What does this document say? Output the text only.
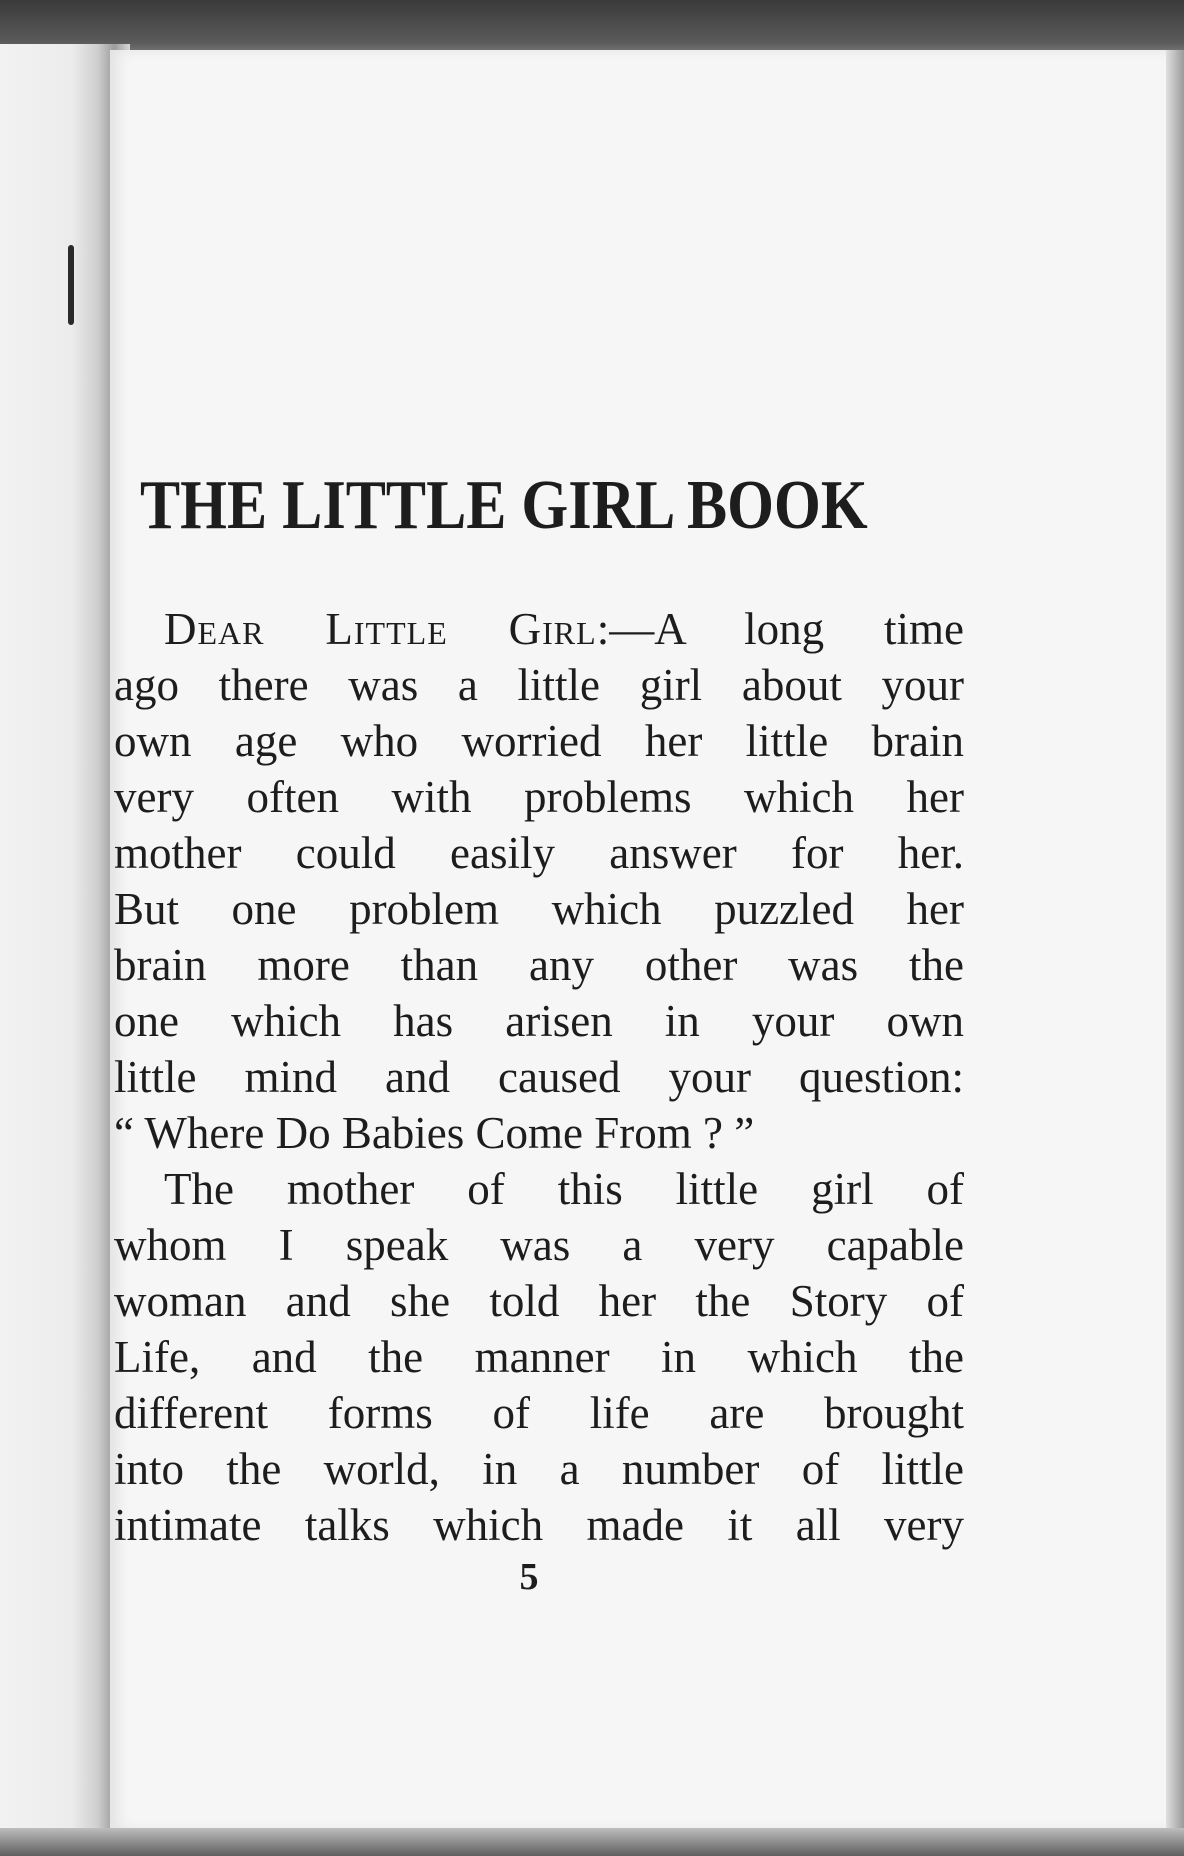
THE LITTLE GIRL BOOK
Dear Little Girl:—A long time
ago there was a little girl about your
own age who worried her little brain
very often with problems which her
mother could easily answer for her.
But one problem which puzzled her
brain more than any other was the
one which has arisen in your own
little mind and caused your question:
“ Where Do Babies Come From ? ”
The mother of this little girl of
whom I speak was a very capable
woman and she told her the Story of
Life, and the manner in which the
different forms of life are brought
into the world, in a number of little
intimate talks which made it all very
5
